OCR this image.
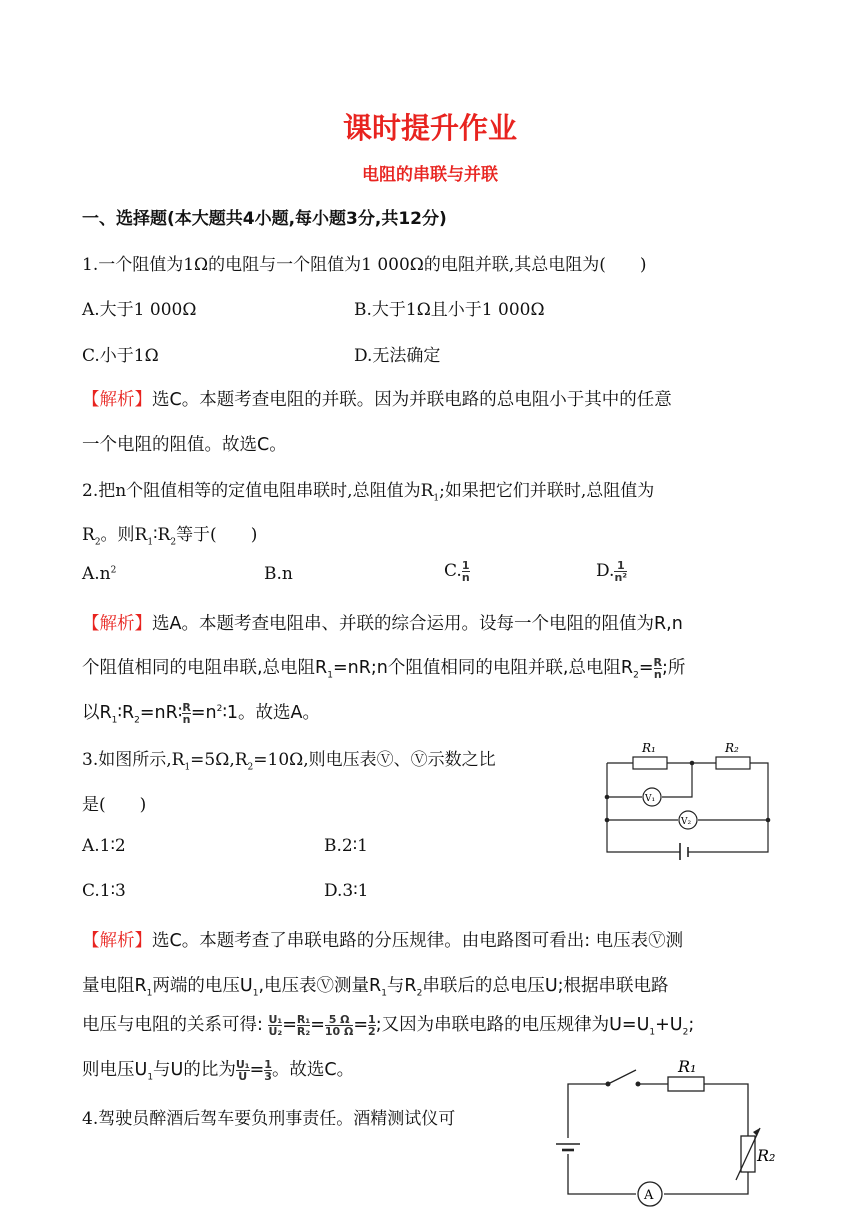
课时提升作业
电阻的串联与并联
一、选择题(本大题共4小题,每小题3分,共12分)
1.一个阻值为1Ω的电阻与一个阻值为1 000Ω的电阻并联,其总电阻为(　　)
A.大于1 000Ω	B.大于1Ω且小于1 000Ω
C.小于1Ω	D.无法确定
【解析】选C。本题考查电阻的并联。因为并联电路的总电阻小于其中的任意
一个电阻的阻值。故选C。
2.把n个阻值相等的定值电阻串联时,总阻值为$R_1$;如果把它们并联时,总阻值为
$R_2$。则$R_1∶R_2$等于(　　)
$A.n^2$	B.n	C. $\frac{1}{n}$	D. $\frac{1}{\text{n²}}$
【解析】选A。本题考查电阻串、并联的综合运用。设每一个电阻的阻值为R,n
个阻值相同的电阻串联,总电阻$R_1=nR;n$个阻值相同的电阻并联,总电阻$R_2= \frac{R}{n}$ ;所
以$R_1∶R_2=nR∶ \frac{R}{n}$ $=n^2∶1$。故选A。
3.如图所示$,R_1=5\Omega,R_2=10\Omega$,则电压表Ⓥ、Ⓥ示数之比
是(　　)
A.1∶2	B.2∶1
C.1∶3	D.3∶1
R₁	R₂
V₁
V₂
【解析】选C。本题考查了串联电路的分压规律。由电路图可看出: 电压表Ⓥ测
量电阻$R_1$两端的电压$U_1$,电压表Ⓥ测量$R_1$与$R_2$串联后的总电压U;根据串联电路
电压与电阻的关系可得: $\frac{\text{U₁}}{\text{U₂}} = \frac{\text{R₁}}{\text{R₂}} = \frac{5 \Omega}{10 \Omega} = \frac{1}{2}$ ;又因为串联电路的电压规律为$U=U_1+U_2$;
则电压$U_1$与U的比为 $\frac{\text{U₁}}{U} = \frac{1}{3}$ 。故选C。
4.驾驶员醉酒后驾车要负刑事责任。酒精测试仪可
R₁
R₂
A
